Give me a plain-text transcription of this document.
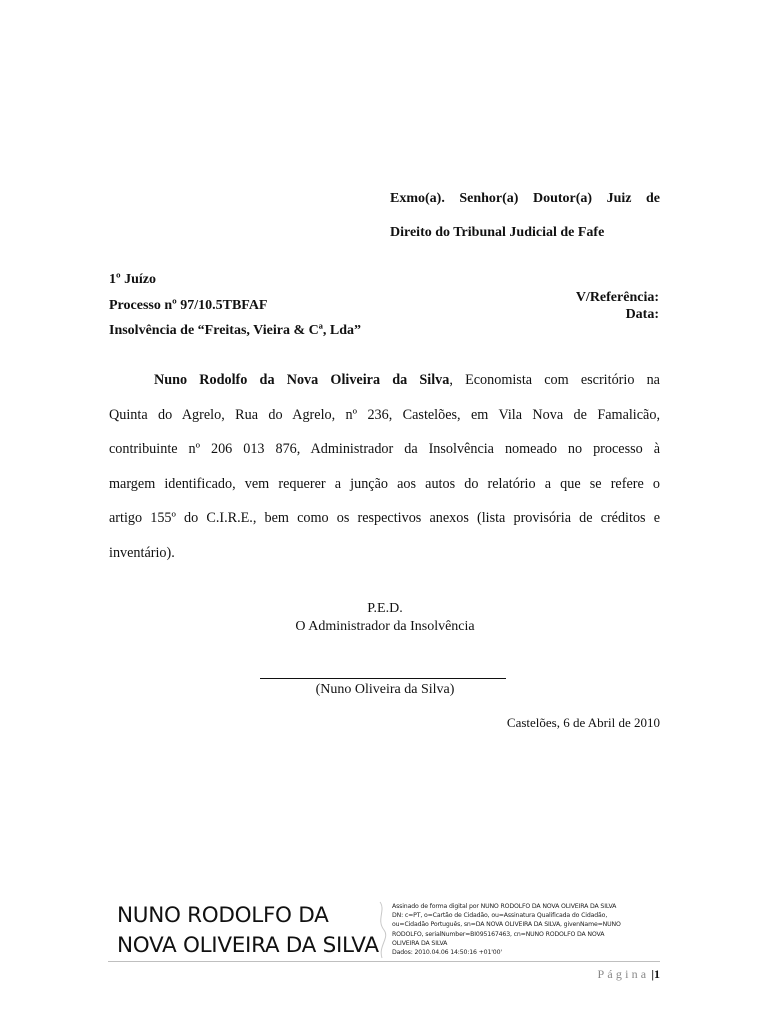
Exmo(a). Senhor(a) Doutor(a) Juiz de
Direito do Tribunal Judicial de Fafe
1º Juízo
Processo nº 97/10.5TBFAF
Insolvência de “Freitas, Vieira & Cª, Lda”
V/Referência:
Data:
Nuno Rodolfo da Nova Oliveira da Silva, Economista com escritório na
Quinta do Agrelo, Rua do Agrelo, nº 236, Castelões, em Vila Nova de Famalicão,
contribuinte nº 206 013 876, Administrador da Insolvência nomeado no processo à
margem identificado, vem requerer a junção aos autos do relatório a que se refere o
artigo 155º do C.I.R.E., bem como os respectivos anexos (lista provisória de créditos e
inventário).
P.E.D.
O Administrador da Insolvência
(Nuno Oliveira da Silva)
Castelões, 6 de Abril de 2010
NUNO RODOLFO DA
NOVA OLIVEIRA DA SILVA
Assinado de forma digital por NUNO RODOLFO DA NOVA OLIVEIRA DA SILVA
DN: c=PT, o=Cartão de Cidadão, ou=Assinatura Qualificada do Cidadão,
ou=Cidadão Português, sn=DA NOVA OLIVEIRA DA SILVA, givenName=NUNO
RODOLFO, serialNumber=BI095167463, cn=NUNO RODOLFO DA NOVA
OLIVEIRA DA SILVA
Dados: 2010.04.06 14:50:16 +01'00'
Página |1
